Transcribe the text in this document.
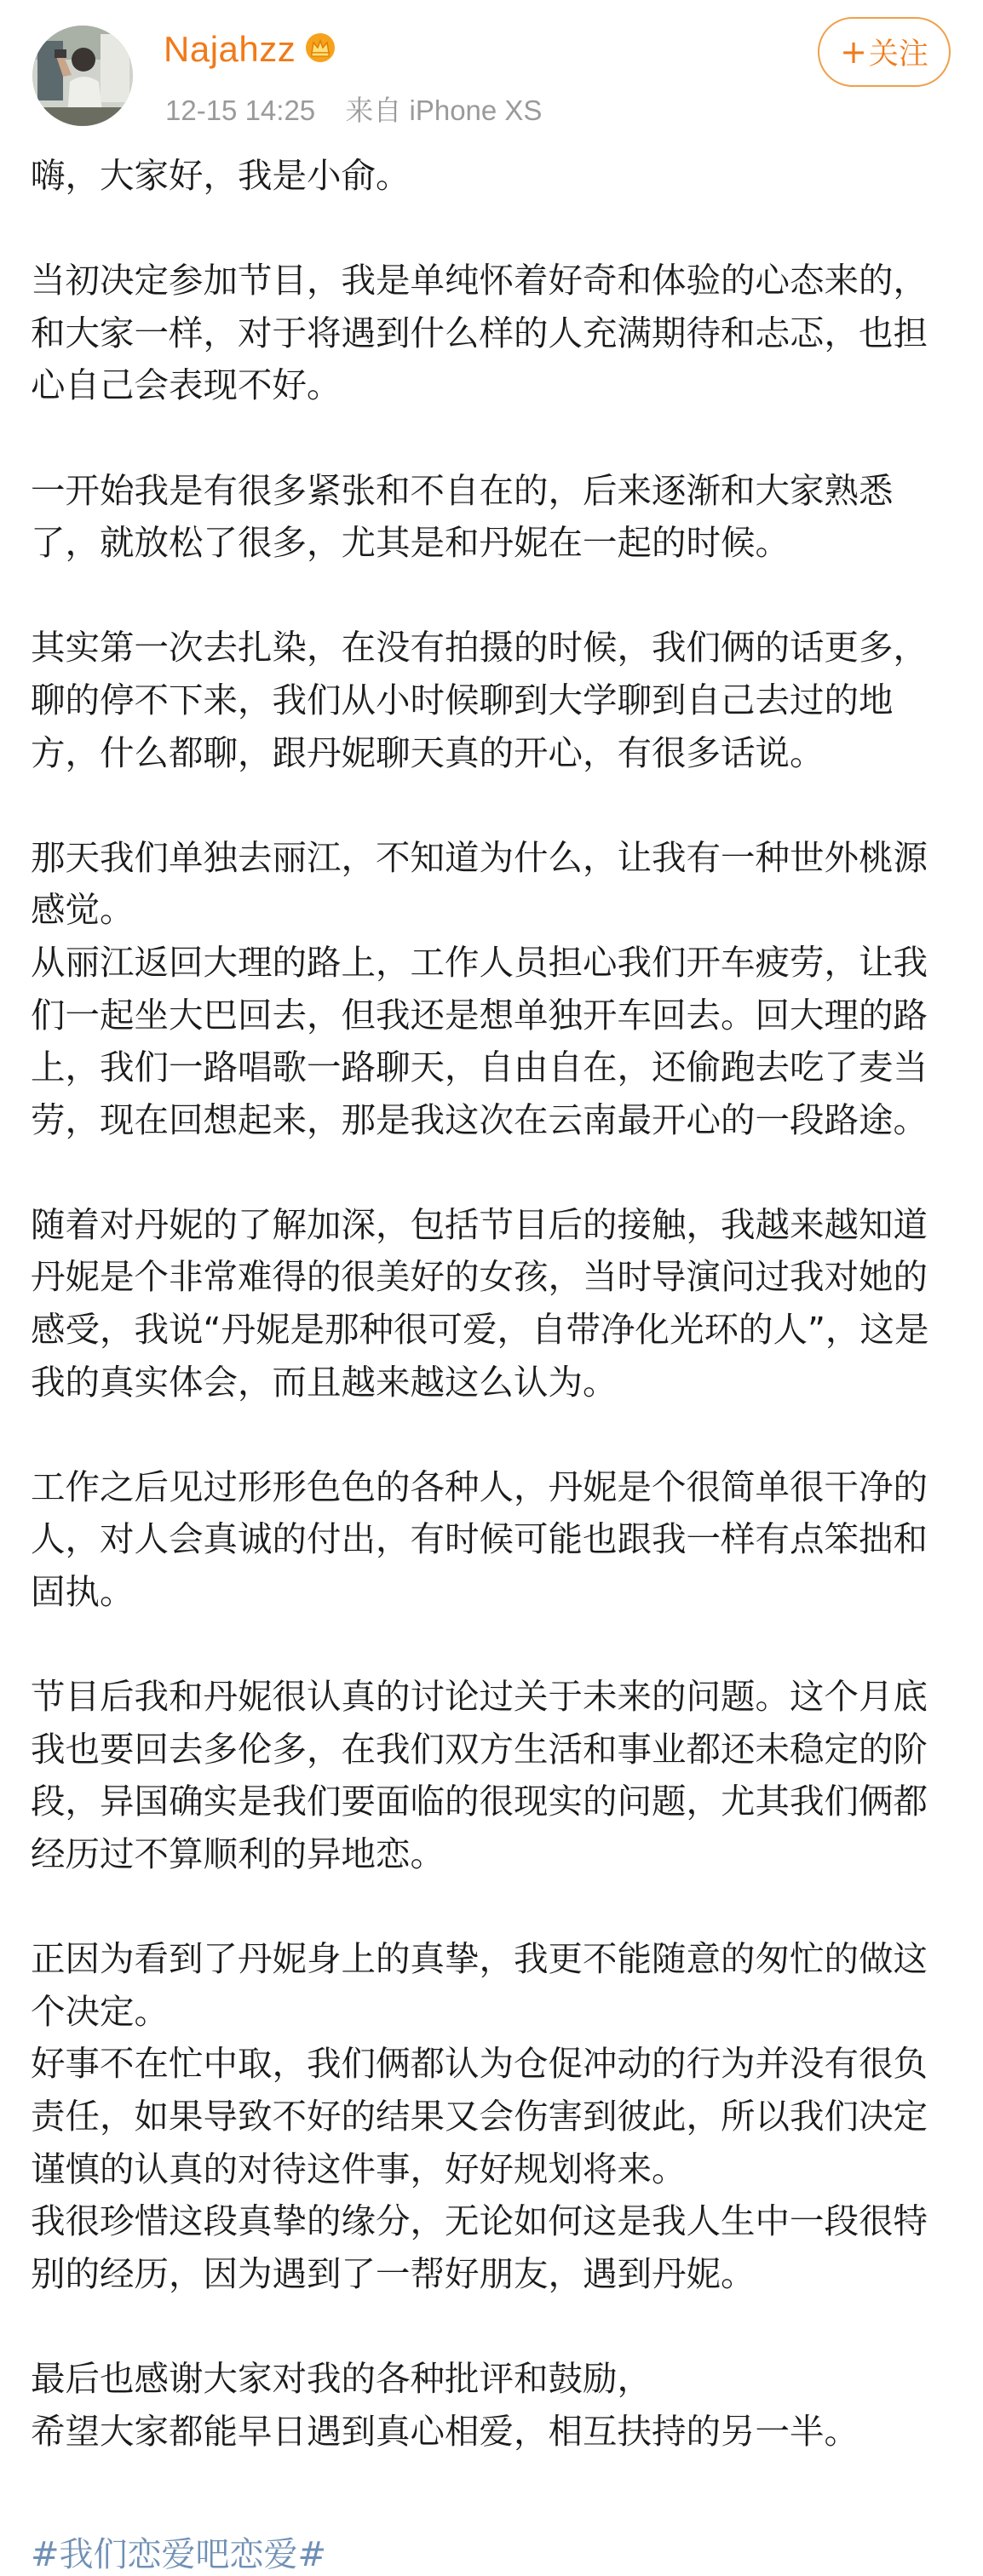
Najahzz
12-15 14:25 来自 iPhone XS
+ 关注

嗨，大家好，我是小俞。

当初决定参加节目，我是单纯怀着好奇和体验的心态来的，和大家一样，对于将遇到什么样的人充满期待和忐忑，也担心自己会表现不好。

一开始我是有很多紧张和不自在的，后来逐渐和大家熟悉了，就放松了很多，尤其是和丹妮在一起的时候。

其实第一次去扎染，在没有拍摄的时候，我们俩的话更多，聊的停不下来，我们从小时候聊到大学聊到自己去过的地方，什么都聊，跟丹妮聊天真的开心，有很多话说。

那天我们单独去丽江，不知道为什么，让我有一种世外桃源感觉。

从丽江返回大理的路上，工作人员担心我们开车疲劳，让我们一起坐大巴回去，但我还是想单独开车回去。回大理的路上，我们一路唱歌一路聊天，自由自在，还偷跑去吃了麦当劳，现在回想起来，那是我这次在云南最开心的一段路途。

随着对丹妮的了解加深，包括节目后的接触，我越来越知道丹妮是个非常难得的很美好的女孩，当时导演问过我对她的感受，我说“丹妮是那种很可爱，自带净化光环的人”，这是我的真实体会，而且越来越这么认为。

工作之后见过形形色色的各种人，丹妮是个很简单很干净的人，对人会真诚的付出，有时候可能也跟我一样有点笨拙和固执。

节目后我和丹妮很认真的讨论过关于未来的问题。这个月底我也要回去多伦多，在我们双方生活和事业都还未稳定的阶段，异国确实是我们要面临的很现实的问题，尤其我们俩都经历过不算顺利的异地恋。

正因为看到了丹妮身上的真挚，我更不能随意的匆忙的做这个决定。

好事不在忙中取，我们俩都认为仓促冲动的行为并没有很负责任，如果导致不好的结果又会伤害到彼此，所以我们决定谨慎的认真的对待这件事，好好规划将来。

我很珍惜这段真挚的缘分，无论如何这是我人生中一段很特别的经历，因为遇到了一帮好朋友，遇到丹妮。

最后也感谢大家对我的各种批评和鼓励，

希望大家都能早日遇到真心相爱，相互扶持的另一半。

#我们恋爱吧恋爱#
